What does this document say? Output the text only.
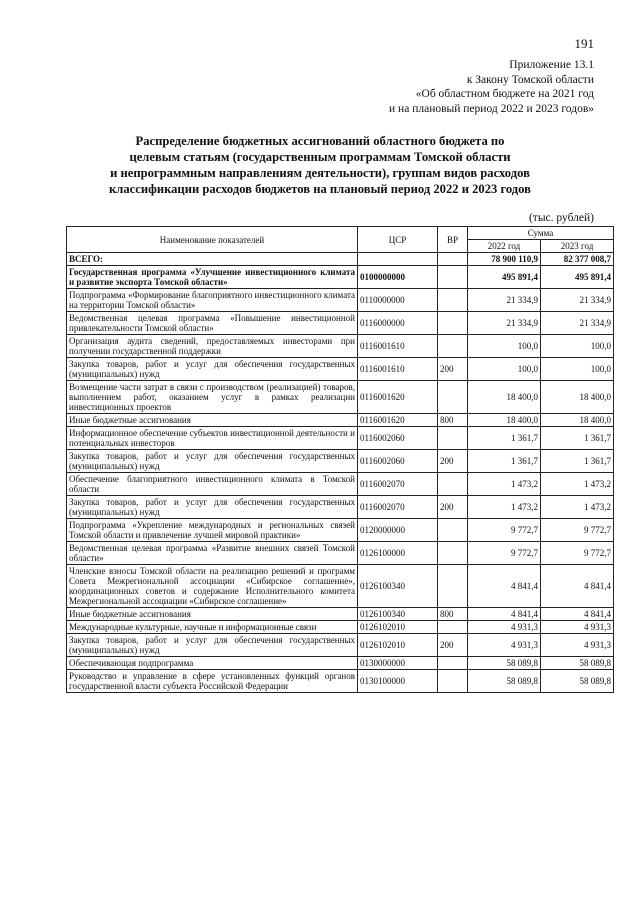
191
Приложение 13.1
к Закону Томской области
«Об областном бюджете на 2021 год
и на плановый период 2022 и 2023 годов»
Распределение бюджетных ассигнований областного бюджета по
целевым статьям (государственным программам Томской области
и непрограммным направлениям деятельности), группам видов расходов
классификации расходов бюджетов на плановый период 2022 и 2023 годов
(тыс. рублей)
Наименование показателей	ЦСР	ВР	Сумма	
			2022 год	2023 год
ВСЕГО:			78 900 110,9	82 377 008,7
Государственная программа «Улучшение инвестиционного климата и развитие экспорта Томской области»	0100000000		495 891,4	495 891,4
Подпрограмма «Формирование благоприятного инвестиционного климата на территории Томской области»	0110000000		21 334,9	21 334,9
Ведомственная целевая программа «Повышение инвестиционной привлекательности Томской области»	0116000000		21 334,9	21 334,9
Организация аудита сведений, предоставляемых инвесторами при получении государственной поддержки	0116001610		100,0	100,0
Закупка товаров, работ и услуг для обеспечения государственных (муниципальных) нужд	0116001610	200	100,0	100,0
Возмещение части затрат в связи с производством (реализацией) товаров, выполнением работ, оказанием услуг в рамках реализации инвестиционных проектов	0116001620		18 400,0	18 400,0
Иные бюджетные ассигнования	0116001620	800	18 400,0	18 400,0
Информационное обеспечение субъектов инвестиционной деятельности и потенциальных инвесторов	0116002060		1 361,7	1 361,7
Закупка товаров, работ и услуг для обеспечения государственных (муниципальных) нужд	0116002060	200	1 361,7	1 361,7
Обеспечение благоприятного инвестиционного климата в Томской области	0116002070		1 473,2	1 473,2
Закупка товаров, работ и услуг для обеспечения государственных (муниципальных) нужд	0116002070	200	1 473,2	1 473,2
Подпрограмма «Укрепление международных и региональных связей Томской области и привлечение лучшей мировой практики»	0120000000		9 772,7	9 772,7
Ведомственная целевая программа «Развитие внешних связей Томской области»	0126100000		9 772,7	9 772,7
Членские взносы Томской области на реализацию решений и программ Совета Межрегиональной ассоциации «Сибирское соглашение», координационных советов и содержание Исполнительного комитета Межрегиональной ассоциации «Сибирское соглашение»	0126100340		4 841,4	4 841,4
Иные бюджетные ассигнования	0126100340	800	4 841,4	4 841,4
Международные культурные, научные и информационные связи	0126102010		4 931,3	4 931,3
Закупка товаров, работ и услуг для обеспечения государственных (муниципальных) нужд	0126102010	200	4 931,3	4 931,3
Обеспечивающая подпрограмма	0130000000		58 089,8	58 089,8
Руководство и управление в сфере установленных функций органов государственной власти субъекта Российской Федерации	0130100000		58 089,8	58 089,8
